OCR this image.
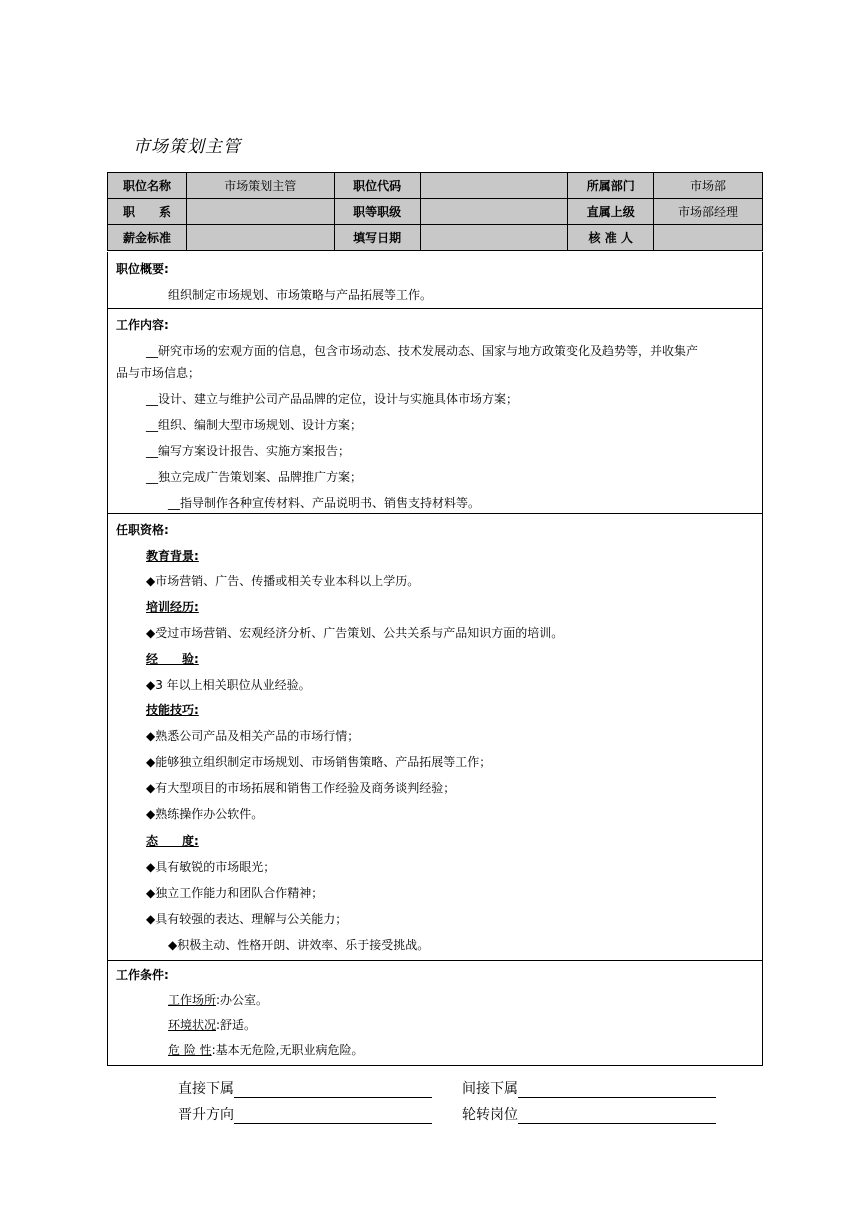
市场策划主管
职位名称	市场策划主管	职位代码		所属部门	市场部
职　　系		职等职级		直属上级	市场部经理
薪金标准		填写日期		核 准 人	
职位概要:
组织制定市场规划、市场策略与产品拓展等工作。
工作内容:
__研究市场的宏观方面的信息，包含市场动态、技术发展动态、国家与地方政策变化及趋势等，并收集产
品与市场信息；
__设计、建立与维护公司产品品牌的定位，设计与实施具体市场方案；
__组织、编制大型市场规划、设计方案；
__编写方案设计报告、实施方案报告；
__独立完成广告策划案、品牌推广方案；
__指导制作各种宣传材料、产品说明书、销售支持材料等。
任职资格:
教育背景:
◆市场营销、广告、传播或相关专业本科以上学历。
培训经历:
◆受过市场营销、宏观经济分析、广告策划、公共关系与产品知识方面的培训。
经　　验:
◆3 年以上相关职位从业经验。
技能技巧:
◆熟悉公司产品及相关产品的市场行情；
◆能够独立组织制定市场规划、市场销售策略、产品拓展等工作；
◆有大型项目的市场拓展和销售工作经验及商务谈判经验；
◆熟练操作办公软件。
态　　度:
◆具有敏锐的市场眼光；
◆独立工作能力和团队合作精神；
◆具有较强的表达、理解与公关能力；
◆积极主动、性格开朗、讲效率、乐于接受挑战。
工作条件:
工作场所:办公室。
环境状况:舒适。
危 险 性:基本无危险,无职业病危险。
直接下属	间接下属
晋升方向	轮转岗位
